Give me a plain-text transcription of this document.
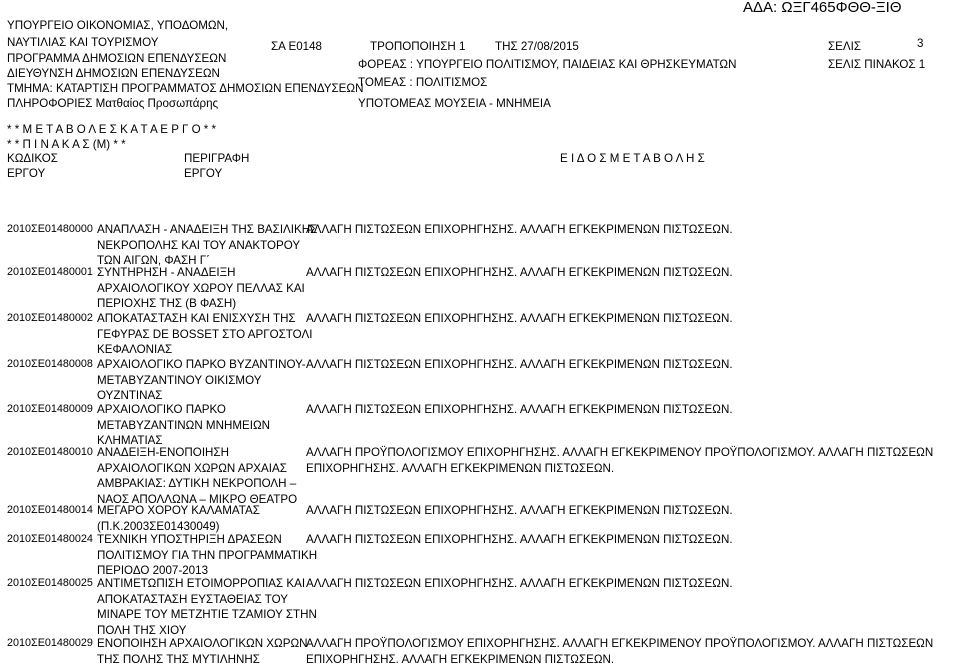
ΑΔΑ: ΩΞΓ465ΦΘΘ-ΞΙΘ
ΥΠΟΥΡΓΕΙΟ ΟΙΚΟΝΟΜΙΑΣ, ΥΠΟΔΟΜΩΝ,
ΝΑΥΤΙΛΙΑΣ ΚΑΙ ΤΟΥΡΙΣΜΟΥ
ΠΡΟΓΡΑΜΜΑ ΔΗΜΟΣΙΩΝ ΕΠΕΝΔΥΣΕΩΝ
ΔΙΕΥΘΥΝΣΗ ΔΗΜΟΣΙΩΝ ΕΠΕΝΔΥΣΕΩΝ
ΤΜΗΜΑ: ΚΑΤΑΡΤΙΣΗ ΠΡΟΓΡΑΜΜΑΤΟΣ ΔΗΜΟΣΙΩΝ ΕΠΕΝΔΥΣΕΩΝ
ΠΛΗΡΟΦΟΡΙΕΣ Ματθαίος Προσωπάρης
ΣΑ Ε0148	ΤΡΟΠΟΠΟΙΗΣΗ 1	ΤΗΣ 27/08/2015
ΦΟΡΕΑΣ : ΥΠΟΥΡΓΕΙΟ ΠΟΛΙΤΙΣΜΟΥ, ΠΑΙΔΕΙΑΣ ΚΑΙ ΘΡΗΣΚΕΥΜΑΤΩΝ
ΤΟΜΕΑΣ : ΠΟΛΙΤΙΣΜΟΣ
ΥΠΟΤΟΜΕΑΣ ΜΟΥΣΕΙΑ - ΜΝΗΜΕΙΑ
ΣΕΛΙΣ	3
ΣΕΛΙΣ ΠΙΝΑΚΟΣ 1
* * Μ Ε Τ Α Β Ο Λ Ε Σ Κ Α Τ Α Ε Ρ Γ Ο * *
* * Π Ι Ν Α Κ Α Σ (Μ) * *
ΚΩΔΙΚΟΣ
ΕΡΓΟΥ
ΠΕΡΙΓΡΑΦΗ
ΕΡΓΟΥ
Ε Ι Δ Ο Σ Μ Ε Τ Α Β Ο Λ Η Σ
2010ΣΕ01480000 ΑΝΑΠΛΑΣΗ - ΑΝΑΔΕΙΞΗ ΤΗΣ ΒΑΣΙΛΙΚΗΣ
ΝΕΚΡΟΠΟΛΗΣ ΚΑΙ ΤΟΥ ΑΝΑΚΤΟΡΟΥ
ΤΩΝ ΑΙΓΩΝ, ΦΑΣΗ Γ΄
ΑΛΛΑΓΗ ΠΙΣΤΩΣΕΩΝ ΕΠΙΧΟΡΗΓΗΣΗΣ. ΑΛΛΑΓΗ ΕΓΚΕΚΡΙΜΕΝΩΝ ΠΙΣΤΩΣΕΩΝ.
2010ΣΕ01480001 ΣΥΝΤΗΡΗΣΗ - ΑΝΑΔΕΙΞΗ
ΑΡΧΑΙΟΛΟΓΙΚΟΥ ΧΩΡΟΥ ΠΕΛΛΑΣ ΚΑΙ
ΠΕΡΙΟΧΗΣ ΤΗΣ (Β ΦΑΣΗ)
ΑΛΛΑΓΗ ΠΙΣΤΩΣΕΩΝ ΕΠΙΧΟΡΗΓΗΣΗΣ. ΑΛΛΑΓΗ ΕΓΚΕΚΡΙΜΕΝΩΝ ΠΙΣΤΩΣΕΩΝ.
2010ΣΕ01480002 ΑΠΟΚΑΤΑΣΤΑΣΗ ΚΑΙ ΕΝΙΣΧΥΣΗ ΤΗΣ
ΓΕΦΥΡΑΣ DE BOSSET ΣΤΟ ΑΡΓΟΣΤΟΛΙ
ΚΕΦΑΛΟΝΙΑΣ
ΑΛΛΑΓΗ ΠΙΣΤΩΣΕΩΝ ΕΠΙΧΟΡΗΓΗΣΗΣ. ΑΛΛΑΓΗ ΕΓΚΕΚΡΙΜΕΝΩΝ ΠΙΣΤΩΣΕΩΝ.
2010ΣΕ01480008 ΑΡΧΑΙΟΛΟΓΙΚΟ ΠΑΡΚΟ ΒΥΖΑΝΤΙΝΟΥ-
ΜΕΤΑΒΥΖΑΝΤΙΝΟΥ ΟΙΚΙΣΜΟΥ
ΟΥΖΝΤΙΝΑΣ
ΑΛΛΑΓΗ ΠΙΣΤΩΣΕΩΝ ΕΠΙΧΟΡΗΓΗΣΗΣ. ΑΛΛΑΓΗ ΕΓΚΕΚΡΙΜΕΝΩΝ ΠΙΣΤΩΣΕΩΝ.
2010ΣΕ01480009 ΑΡΧΑΙΟΛΟΓΙΚΟ ΠΑΡΚΟ
ΜΕΤΑΒΥΖΑΝΤΙΝΩΝ ΜΝΗΜΕΙΩΝ
ΚΛΗΜΑΤΙΑΣ
ΑΛΛΑΓΗ ΠΙΣΤΩΣΕΩΝ ΕΠΙΧΟΡΗΓΗΣΗΣ. ΑΛΛΑΓΗ ΕΓΚΕΚΡΙΜΕΝΩΝ ΠΙΣΤΩΣΕΩΝ.
2010ΣΕ01480010 ΑΝΑΔΕΙΞΗ-ΕΝΟΠΟΙΗΣΗ
ΑΡΧΑΙΟΛΟΓΙΚΩΝ ΧΩΡΩΝ ΑΡΧΑΙΑΣ
ΑΜΒΡΑΚΙΑΣ: ΔΥΤΙΚΗ ΝΕΚΡΟΠΟΛΗ –
ΝΑΟΣ ΑΠΟΛΛΩΝΑ – ΜΙΚΡΟ ΘΕΑΤΡΟ
ΑΛΛΑΓΗ ΠΡΟΫΠΟΛΟΓΙΣΜΟΥ ΕΠΙΧΟΡΗΓΗΣΗΣ. ΑΛΛΑΓΗ ΕΓΚΕΚΡΙΜΕΝΟΥ ΠΡΟΫΠΟΛΟΓΙΣΜΟΥ. ΑΛΛΑΓΗ ΠΙΣΤΩΣΕΩΝ
ΕΠΙΧΟΡΗΓΗΣΗΣ. ΑΛΛΑΓΗ ΕΓΚΕΚΡΙΜΕΝΩΝ ΠΙΣΤΩΣΕΩΝ.
2010ΣΕ01480014 ΜΕΓΑΡΟ ΧΟΡΟΥ ΚΑΛΑΜΑΤΑΣ
(Π.Κ.2003ΣΕ01430049)
ΑΛΛΑΓΗ ΠΙΣΤΩΣΕΩΝ ΕΠΙΧΟΡΗΓΗΣΗΣ. ΑΛΛΑΓΗ ΕΓΚΕΚΡΙΜΕΝΩΝ ΠΙΣΤΩΣΕΩΝ.
2010ΣΕ01480024 ΤΕΧΝΙΚΗ ΥΠΟΣΤΗΡΙΞΗ ΔΡΑΣΕΩΝ
ΠΟΛΙΤΙΣΜΟΥ ΓΙΑ ΤΗΝ ΠΡΟΓΡΑΜΜΑΤΙΚΗ
ΠΕΡΙΟΔΟ 2007-2013
ΑΛΛΑΓΗ ΠΙΣΤΩΣΕΩΝ ΕΠΙΧΟΡΗΓΗΣΗΣ. ΑΛΛΑΓΗ ΕΓΚΕΚΡΙΜΕΝΩΝ ΠΙΣΤΩΣΕΩΝ.
2010ΣΕ01480025 ΑΝΤΙΜΕΤΩΠΙΣΗ ΕΤΟΙΜΟΡΡΟΠΙΑΣ ΚΑΙ
ΑΠΟΚΑΤΑΣΤΑΣΗ ΕΥΣΤΑΘΕΙΑΣ ΤΟΥ
ΜΙΝΑΡΕ ΤΟΥ ΜΕΤΖΗΤΙΕ ΤΖΑΜΙΟΥ ΣΤΗΝ
ΠΟΛΗ ΤΗΣ ΧΙΟΥ
ΑΛΛΑΓΗ ΠΙΣΤΩΣΕΩΝ ΕΠΙΧΟΡΗΓΗΣΗΣ. ΑΛΛΑΓΗ ΕΓΚΕΚΡΙΜΕΝΩΝ ΠΙΣΤΩΣΕΩΝ.
2010ΣΕ01480029 ΕΝΟΠΟΙΗΣΗ ΑΡΧΑΙΟΛΟΓΙΚΩΝ ΧΩΡΩΝ
ΤΗΣ ΠΟΛΗΣ ΤΗΣ ΜΥΤΙΛΗΝΗΣ
ΑΛΛΑΓΗ ΠΡΟΫΠΟΛΟΓΙΣΜΟΥ ΕΠΙΧΟΡΗΓΗΣΗΣ. ΑΛΛΑΓΗ ΕΓΚΕΚΡΙΜΕΝΟΥ ΠΡΟΫΠΟΛΟΓΙΣΜΟΥ. ΑΛΛΑΓΗ ΠΙΣΤΩΣΕΩΝ
ΕΠΙΧΟΡΗΓΗΣΗΣ. ΑΛΛΑΓΗ ΕΓΚΕΚΡΙΜΕΝΩΝ ΠΙΣΤΩΣΕΩΝ.
